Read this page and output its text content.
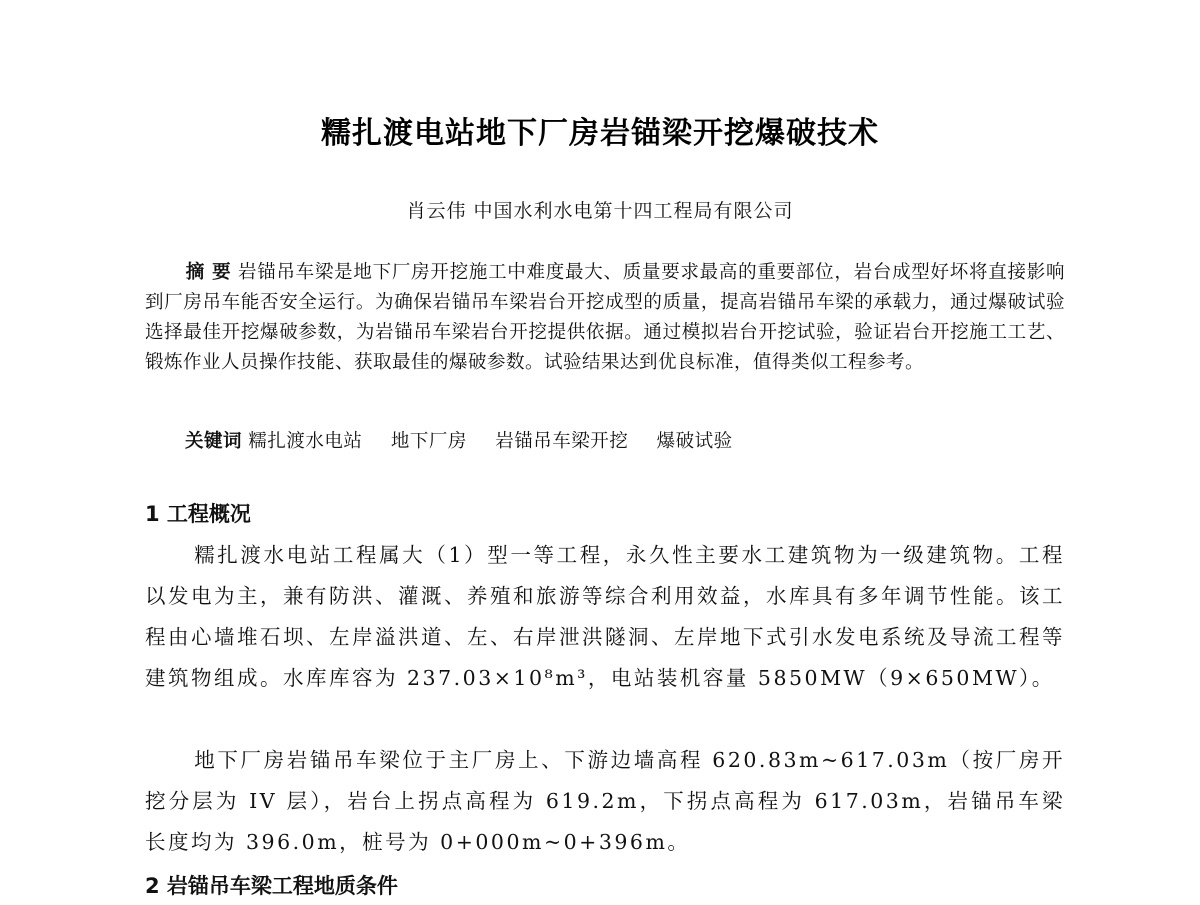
糯扎渡电站地下厂房岩锚梁开挖爆破技术
肖云伟 中国水利水电第十四工程局有限公司

摘 要 岩锚吊车梁是地下厂房开挖施工中难度最大、质量要求最高的重要部位，岩台成型好坏将直接影响到厂房吊车能否安全运行。为确保岩锚吊车梁岩台开挖成型的质量，提高岩锚吊车梁的承载力，通过爆破试验选择最佳开挖爆破参数，为岩锚吊车梁岩台开挖提供依据。通过模拟岩台开挖试验，验证岩台开挖施工工艺、锻炼作业人员操作技能、获取最佳的爆破参数。试验结果达到优良标准，值得类似工程参考。

关键词 糯扎渡水电站 地下厂房 岩锚吊车梁开挖 爆破试验
1 工程概况

糯扎渡水电站工程属大（1）型一等工程，永久性主要水工建筑物为一级建筑物。工程以发电为主，兼有防洪、灌溉、养殖和旅游等综合利用效益，水库具有多年调节性能。该工程由心墙堆石坝、左岸溢洪道、左、右岸泄洪隧洞、左岸地下式引水发电系统及导流工程等建筑物组成。水库库容为 237.03×10⁸m³，电站装机容量 5850MW（9×650MW）。

地下厂房岩锚吊车梁位于主厂房上、下游边墙高程 620.83m~617.03m（按厂房开挖分层为 IV 层），岩台上拐点高程为 619.2m，下拐点高程为 617.03m，岩锚吊车梁长度均为 396.0m，桩号为 0+000m~0+396m。

2 岩锚吊车梁工程地质条件
